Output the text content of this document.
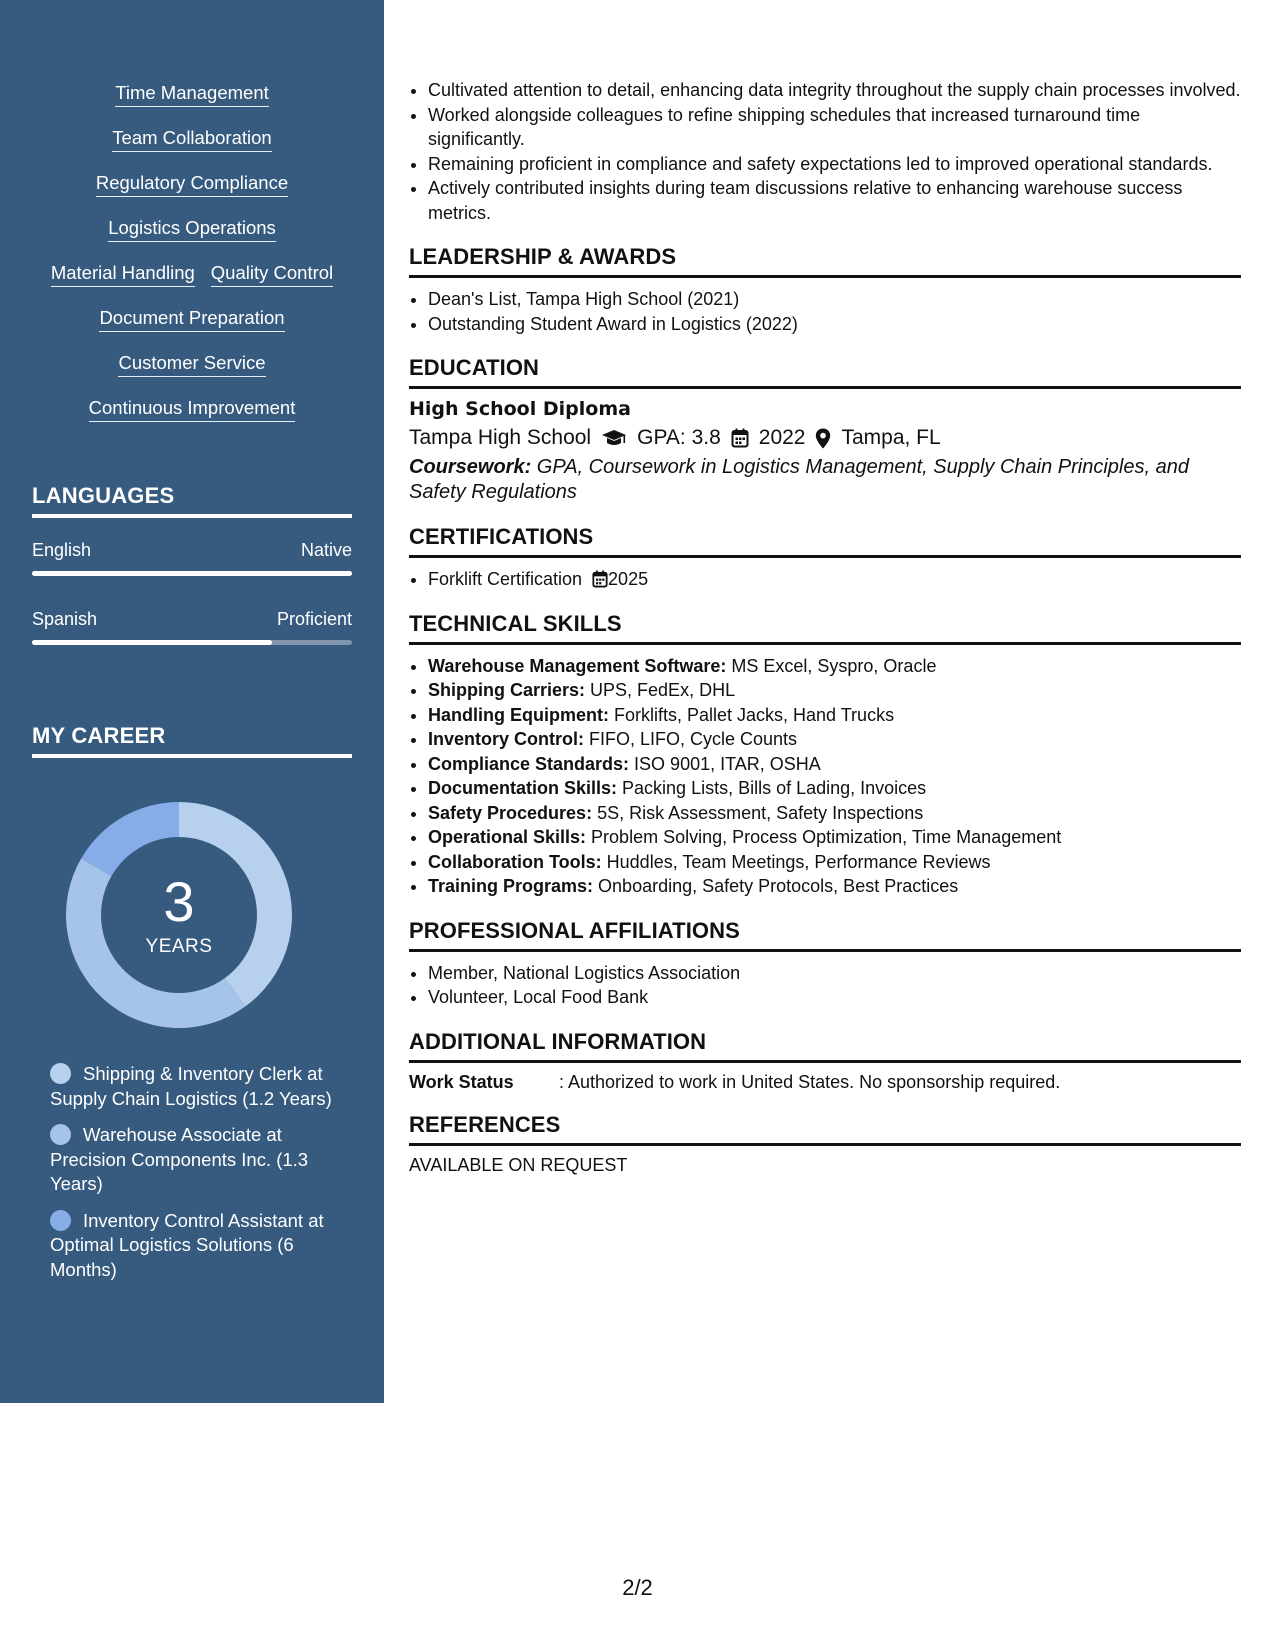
Time Management
Team Collaboration
Regulatory Compliance
Logistics Operations
Material Handling Quality Control
Document Preparation
Customer Service
Continuous Improvement
LANGUAGES
English	Native
Spanish	Proficient
MY CAREER
3
YEARS
Shipping & Inventory Clerk at Supply Chain Logistics (1.2 Years)
Warehouse Associate at Precision Components Inc. (1.3 Years)
Inventory Control Assistant at Optimal Logistics Solutions (6 Months)
• Cultivated attention to detail, enhancing data integrity throughout the supply chain processes involved.
• Worked alongside colleagues to refine shipping schedules that increased turnaround time significantly.
• Remaining proficient in compliance and safety expectations led to improved operational standards.
• Actively contributed insights during team discussions relative to enhancing warehouse success metrics.
LEADERSHIP & AWARDS
• Dean's List, Tampa High School (2021)
• Outstanding Student Award in Logistics (2022)
EDUCATION
High School Diploma
Tampa High School GPA: 3.8 2022 Tampa, FL
Coursework: GPA, Coursework in Logistics Management, Supply Chain Principles, and Safety Regulations
CERTIFICATIONS
• Forklift Certification 2025
TECHNICAL SKILLS
• Warehouse Management Software: MS Excel, Syspro, Oracle
• Shipping Carriers: UPS, FedEx, DHL
• Handling Equipment: Forklifts, Pallet Jacks, Hand Trucks
• Inventory Control: FIFO, LIFO, Cycle Counts
• Compliance Standards: ISO 9001, ITAR, OSHA
• Documentation Skills: Packing Lists, Bills of Lading, Invoices
• Safety Procedures: 5S, Risk Assessment, Safety Inspections
• Operational Skills: Problem Solving, Process Optimization, Time Management
• Collaboration Tools: Huddles, Team Meetings, Performance Reviews
• Training Programs: Onboarding, Safety Protocols, Best Practices
PROFESSIONAL AFFILIATIONS
• Member, National Logistics Association
• Volunteer, Local Food Bank
ADDITIONAL INFORMATION
Work Status	: Authorized to work in United States. No sponsorship required.
REFERENCES
AVAILABLE ON REQUEST
2/2
